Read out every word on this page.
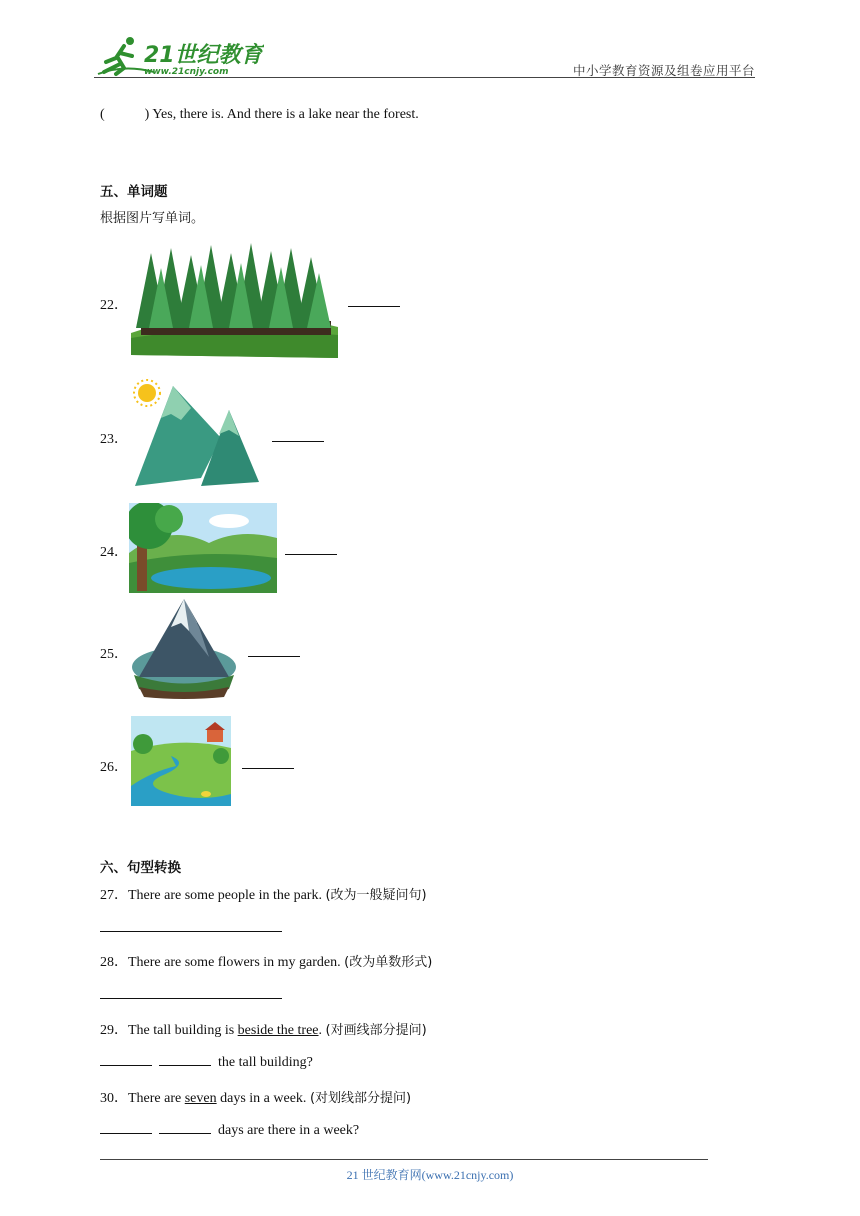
21世纪教育
www.21cnjy.com	中小学教育资源及组卷应用平台
(	) Yes, there is. And there is a lake near the forest.
五、单词题
根据图片写单词。
22．
23．
24．
25．
26．
六、句型转换
27．There are some people in the park. (改为一般疑问句)
28．There are some flowers in my garden. (改为单数形式)
29．The tall building is beside the tree. (对画线部分提问)
the tall building?
30．There are seven days in a week. (对划线部分提问)
days are there in a week?
21 世纪教育网(www.21cnjy.com)
